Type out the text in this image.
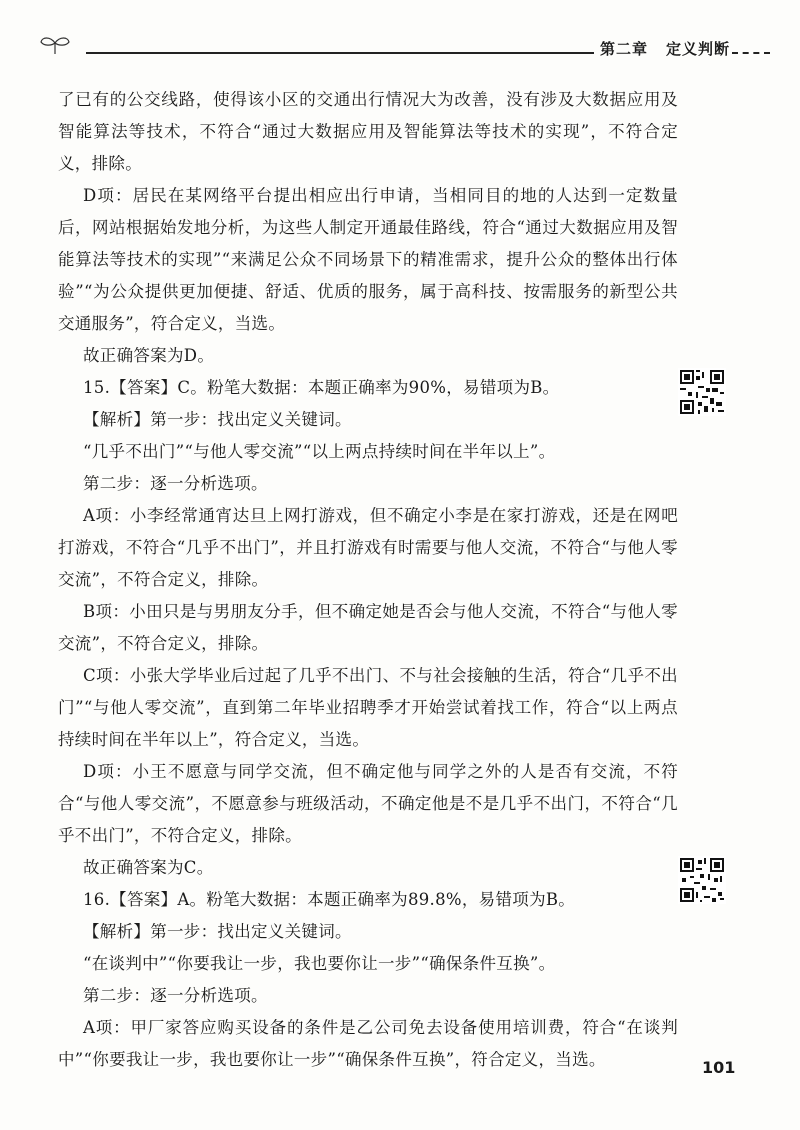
第二章 定义判断

了已有的公交线路，使得该小区的交通出行情况大为改善，没有涉及大数据应用及智能算法等技术，不符合“通过大数据应用及智能算法等技术的实现”，不符合定义，排除。

D项：居民在某网络平台提出相应出行申请，当相同目的地的人达到一定数量后，网站根据始发地分析，为这些人制定开通最佳路线，符合“通过大数据应用及智能算法等技术的实现”“来满足公众不同场景下的精准需求，提升公众的整体出行体验”“为公众提供更加便捷、舒适、优质的服务，属于高科技、按需服务的新型公共交通服务”，符合定义，当选。

故正确答案为D。

15.【答案】C。粉笔大数据：本题正确率为90%，易错项为B。

【解析】第一步：找出定义关键词。

“几乎不出门”“与他人零交流”“以上两点持续时间在半年以上”。

第二步：逐一分析选项。

A项：小李经常通宵达旦上网打游戏，但不确定小李是在家打游戏，还是在网吧打游戏，不符合“几乎不出门”，并且打游戏有时需要与他人交流，不符合“与他人零交流”，不符合定义，排除。

B项：小田只是与男朋友分手，但不确定她是否会与他人交流，不符合“与他人零交流”，不符合定义，排除。

C项：小张大学毕业后过起了几乎不出门、不与社会接触的生活，符合“几乎不出门”“与他人零交流”，直到第二年毕业招聘季才开始尝试着找工作，符合“以上两点持续时间在半年以上”，符合定义，当选。

D项：小王不愿意与同学交流，但不确定他与同学之外的人是否有交流，不符合“与他人零交流”，不愿意参与班级活动，不确定他是不是几乎不出门，不符合“几乎不出门”，不符合定义，排除。

故正确答案为C。

16.【答案】A。粉笔大数据：本题正确率为89.8%，易错项为B。

【解析】第一步：找出定义关键词。

“在谈判中”“你要我让一步，我也要你让一步”“确保条件互换”。

第二步：逐一分析选项。

A项：甲厂家答应购买设备的条件是乙公司免去设备使用培训费，符合“在谈判中”“你要我让一步，我也要你让一步”“确保条件互换”，符合定义，当选。	101
